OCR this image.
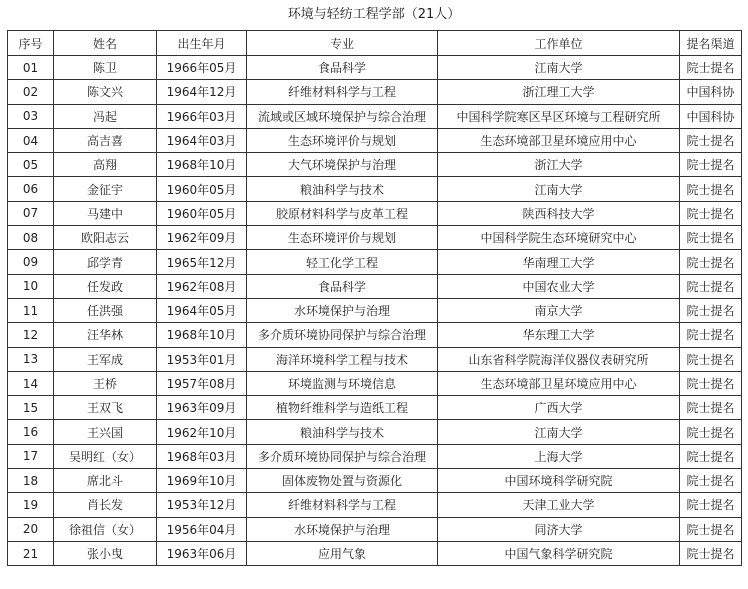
环境与轻纺工程学部（21人）
序号	姓名	出生年月	专业	工作单位	提名渠道
01	陈卫	1966年05月	食品科学	江南大学	院士提名
02	陈文兴	1964年12月	纤维材料科学与工程	浙江理工大学	中国科协
03	冯起	1966年03月	流域或区域环境保护与综合治理	中国科学院寒区旱区环境与工程研究所	中国科协
04	高吉喜	1964年03月	生态环境评价与规划	生态环境部卫星环境应用中心	院士提名
05	高翔	1968年10月	大气环境保护与治理	浙江大学	院士提名
06	金征宇	1960年05月	粮油科学与技术	江南大学	院士提名
07	马建中	1960年05月	胶原材料科学与皮革工程	陕西科技大学	院士提名
08	欧阳志云	1962年09月	生态环境评价与规划	中国科学院生态环境研究中心	院士提名
09	邱学青	1965年12月	轻工化学工程	华南理工大学	院士提名
10	任发政	1962年08月	食品科学	中国农业大学	院士提名
11	任洪强	1964年05月	水环境保护与治理	南京大学	院士提名
12	汪华林	1968年10月	多介质环境协同保护与综合治理	华东理工大学	院士提名
13	王军成	1953年01月	海洋环境科学工程与技术	山东省科学院海洋仪器仪表研究所	院士提名
14	王桥	1957年08月	环境监测与环境信息	生态环境部卫星环境应用中心	院士提名
15	王双飞	1963年09月	植物纤维科学与造纸工程	广西大学	院士提名
16	王兴国	1962年10月	粮油科学与技术	江南大学	院士提名
17	吴明红（女）	1968年03月	多介质环境协同保护与综合治理	上海大学	院士提名
18	席北斗	1969年10月	固体废物处置与资源化	中国环境科学研究院	院士提名
19	肖长发	1953年12月	纤维材料科学与工程	天津工业大学	院士提名
20	徐祖信（女）	1956年04月	水环境保护与治理	同济大学	院士提名
21	张小曳	1963年06月	应用气象	中国气象科学研究院	院士提名
